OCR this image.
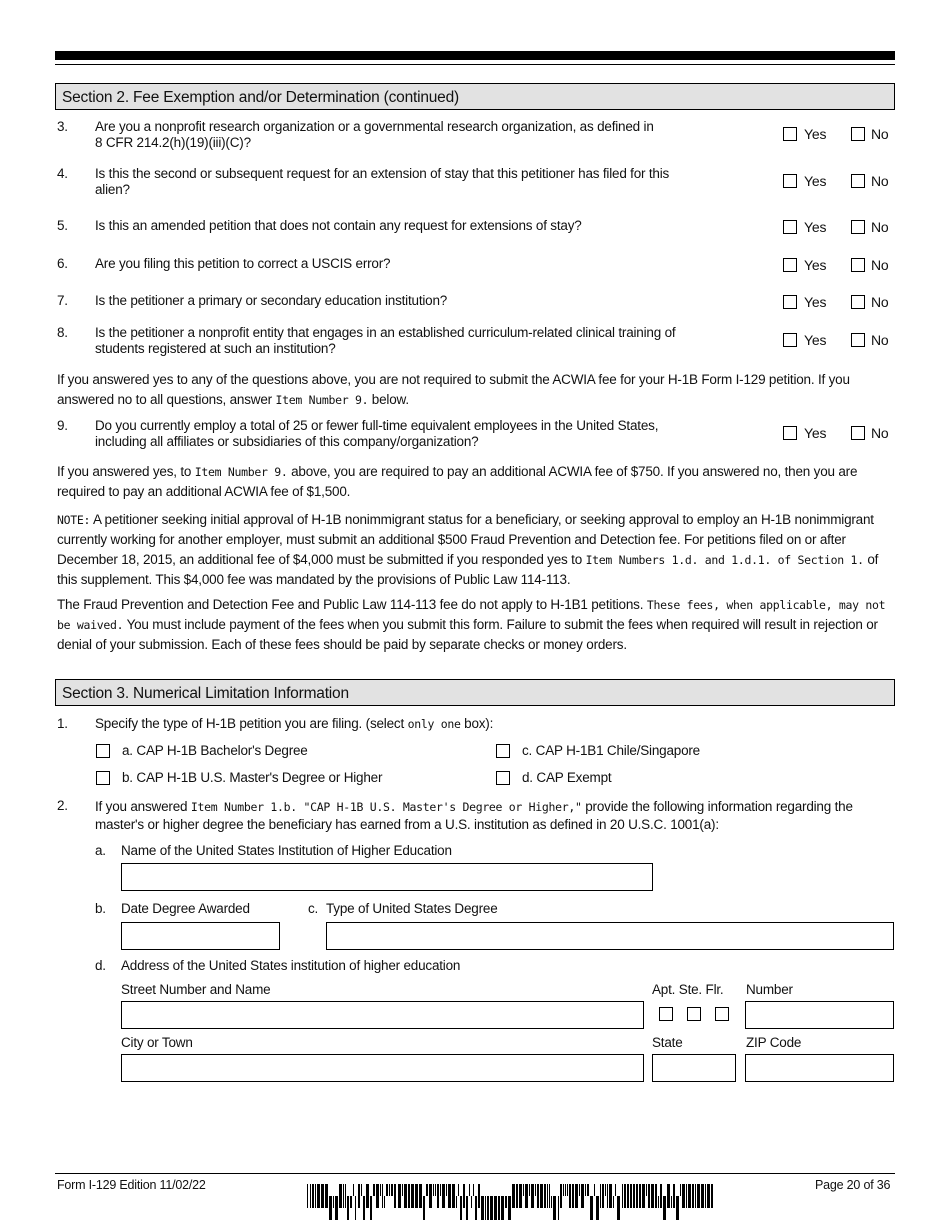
Section 2. Fee Exemption and/or Determination (continued)
3. Are you a nonprofit research organization or a governmental research organization, as defined in
8 CFR 214.2(h)(19)(iii)(C)?
Yes	No
4. Is this the second or subsequent request for an extension of stay that this petitioner has filed for this
alien?
Yes	No
5. Is this an amended petition that does not contain any request for extensions of stay?	Yes	No
6. Are you filing this petition to correct a USCIS error?	Yes	No
7. Is the petitioner a primary or secondary education institution?	Yes	No
8. Is the petitioner a nonprofit entity that engages in an established curriculum-related clinical training of
students registered at such an institution?
Yes	No
9. Do you currently employ a total of 25 or fewer full-time equivalent employees in the United States,
including all affiliates or subsidiaries of this company/organization?
Yes	No
If you answered yes to any of the questions above, you are not required to submit the ACWIA fee for your H-1B Form I-129 petition. If you answered no to all questions, answer Item Number 9. below.
If you answered yes, to Item Number 9. above, you are required to pay an additional ACWIA fee of $750. If you answered no, then you are required to pay an additional ACWIA fee of $1,500.
NOTE: A petitioner seeking initial approval of H-1B nonimmigrant status for a beneficiary, or seeking approval to employ an H-1B nonimmigrant currently working for another employer, must submit an additional $500 Fraud Prevention and Detection fee. For petitions filed on or after December 18, 2015, an additional fee of $4,000 must be submitted if you responded yes to Item Numbers 1.d. and 1.d.1. of Section 1. of this supplement. This $4,000 fee was mandated by the provisions of Public Law 114-113.
The Fraud Prevention and Detection Fee and Public Law 114-113 fee do not apply to H-1B1 petitions. These fees, when applicable, may not be waived. You must include payment of the fees when you submit this form. Failure to submit the fees when required will result in rejection or denial of your submission. Each of these fees should be paid by separate checks or money orders.
Section 3. Numerical Limitation Information
1. Specify the type of H-1B petition you are filing. (select only one box):
a. CAP H-1B Bachelor's Degree
b. CAP H-1B U.S. Master's Degree or Higher
c. CAP H-1B1 Chile/Singapore
d. CAP Exempt
2. If you answered Item Number 1.b. "CAP H-1B U.S. Master's Degree or Higher," provide the following information regarding the master's or higher degree the beneficiary has earned from a U.S. institution as defined in 20 U.S.C. 1001(a):
a. Name of the United States Institution of Higher Education
b. Date Degree Awarded	c. Type of United States Degree
d. Address of the United States institution of higher education
Street Number and Name	Apt. Ste. Flr. Number
City or Town	State	ZIP Code
Form I-129 Edition 11/02/22	Page 20 of 36
